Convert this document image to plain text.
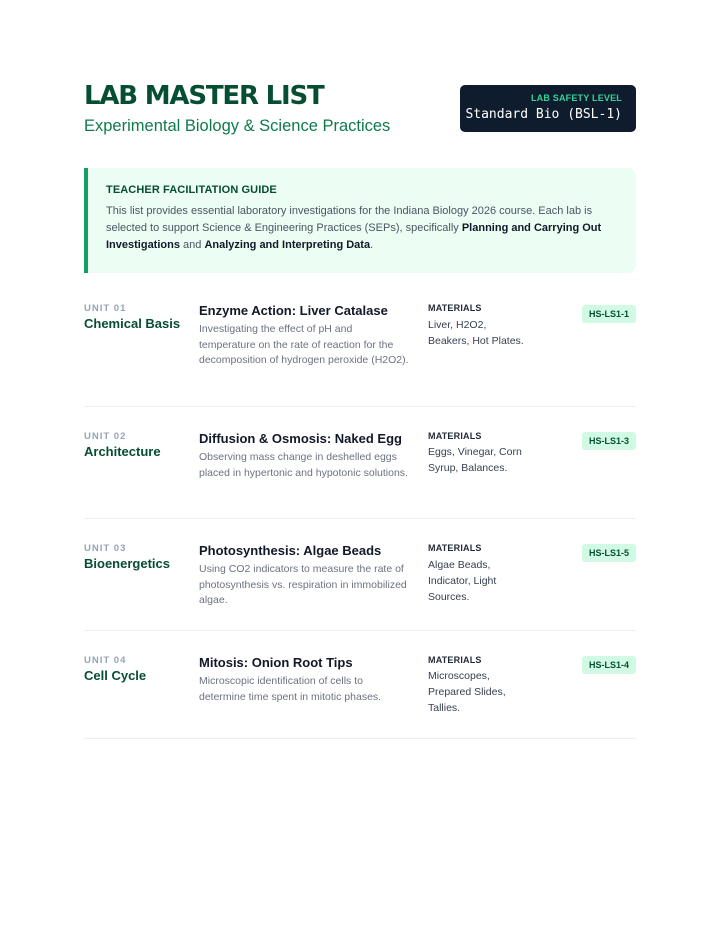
LAB MASTER LIST
Experimental Biology & Science Practices
LAB SAFETY LEVEL
Standard Bio (BSL-1)
TEACHER FACILITATION GUIDE

This list provides essential laboratory investigations for the Indiana Biology 2026 course. Each lab is selected to support Science & Engineering Practices (SEPs), specifically Planning and Carrying Out Investigations and Analyzing and Interpreting Data.

UNIT 01
Chemical Basis
Enzyme Action: Liver Catalase
Investigating the effect of pH and temperature on the rate of reaction for the decomposition of hydrogen peroxide (H2O2).
MATERIALS
Liver, H2O2, Beakers, Hot Plates.
HS-LS1-1
UNIT 02
Architecture
Diffusion & Osmosis: Naked Egg
Observing mass change in deshelled eggs placed in hypertonic and hypotonic solutions.
MATERIALS
Eggs, Vinegar, Corn Syrup, Balances.
HS-LS1-3
UNIT 03
Bioenergetics
Photosynthesis: Algae Beads
Using CO2 indicators to measure the rate of photosynthesis vs. respiration in immobilized algae.
MATERIALS
Algae Beads, Indicator, Light Sources.
HS-LS1-5
UNIT 04
Cell Cycle
Mitosis: Onion Root Tips
Microscopic identification of cells to determine time spent in mitotic phases.
MATERIALS
Microscopes, Prepared Slides, Tallies.
HS-LS1-4
